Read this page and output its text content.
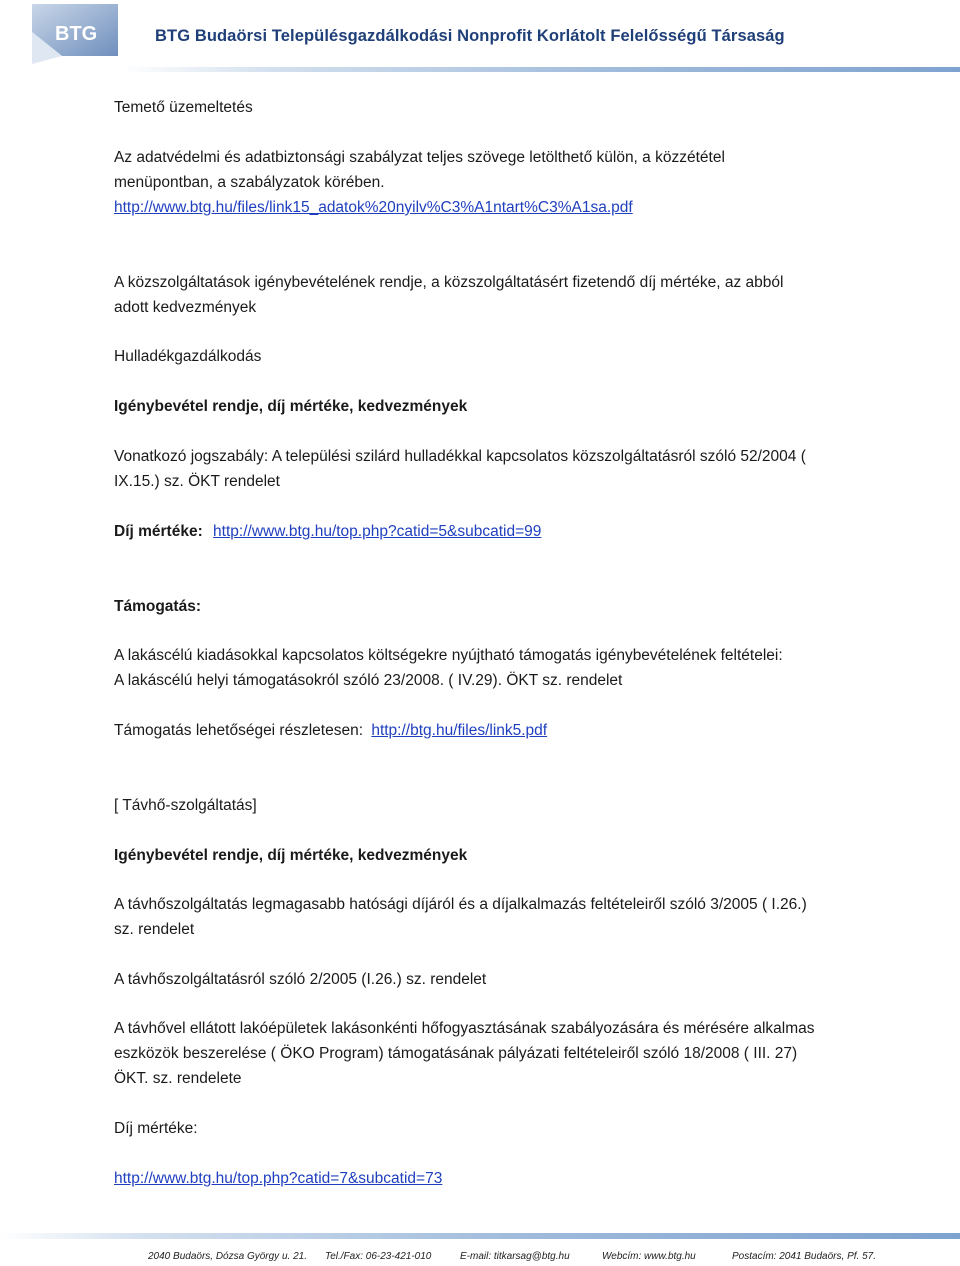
BTG	BTG Budaörsi Településgazdálkodási Nonprofit Korlátolt Felelősségű Társaság
Temető üzemeltetés
Az adatvédelmi és adatbiztonsági szabályzat teljes szövege letölthető külön, a közzététel
menüpontban, a szabályzatok körében.
http://www.btg.hu/files/link15_adatok%20nyilv%C3%A1ntart%C3%A1sa.pdf
A közszolgáltatások igénybevételének rendje, a közszolgáltatásért fizetendő díj mértéke, az abból
adott kedvezmények
Hulladékgazdálkodás
Igénybevétel rendje, díj mértéke, kedvezmények
Vonatkozó jogszabály: A települési szilárd hulladékkal kapcsolatos közszolgáltatásról szóló 52/2004 (
IX.15.) sz. ÖKT rendelet
Díj mértéke: http://www.btg.hu/top.php?catid=5&subcatid=99
Támogatás:
A lakáscélú kiadásokkal kapcsolatos költségekre nyújtható támogatás igénybevételének feltételei:
A lakáscélú helyi támogatásokról szóló 23/2008. ( IV.29). ÖKT sz. rendelet
Támogatás lehetőségei részletesen: http://btg.hu/files/link5.pdf
[ Távhő-szolgáltatás]
Igénybevétel rendje, díj mértéke, kedvezmények
A távhőszolgáltatás legmagasabb hatósági díjáról és a díjalkalmazás feltételeiről szóló 3/2005 ( I.26.)
sz. rendelet
A távhőszolgáltatásról szóló 2/2005 (I.26.) sz. rendelet
A távhővel ellátott lakóépületek lakásonkénti hőfogyasztásának szabályozására és mérésére alkalmas
eszközök beszerelése ( ÖKO Program) támogatásának pályázati feltételeiről szóló 18/2008 ( III. 27)
ÖKT. sz. rendelete
Díj mértéke:
http://www.btg.hu/top.php?catid=7&subcatid=73
2040 Budaörs, Dózsa György u. 21. Tel./Fax: 06-23-421-010	E-mail: titkarsag@btg.hu	Webcím: www.btg.hu	Postacím: 2041 Budaörs, Pf. 57.
